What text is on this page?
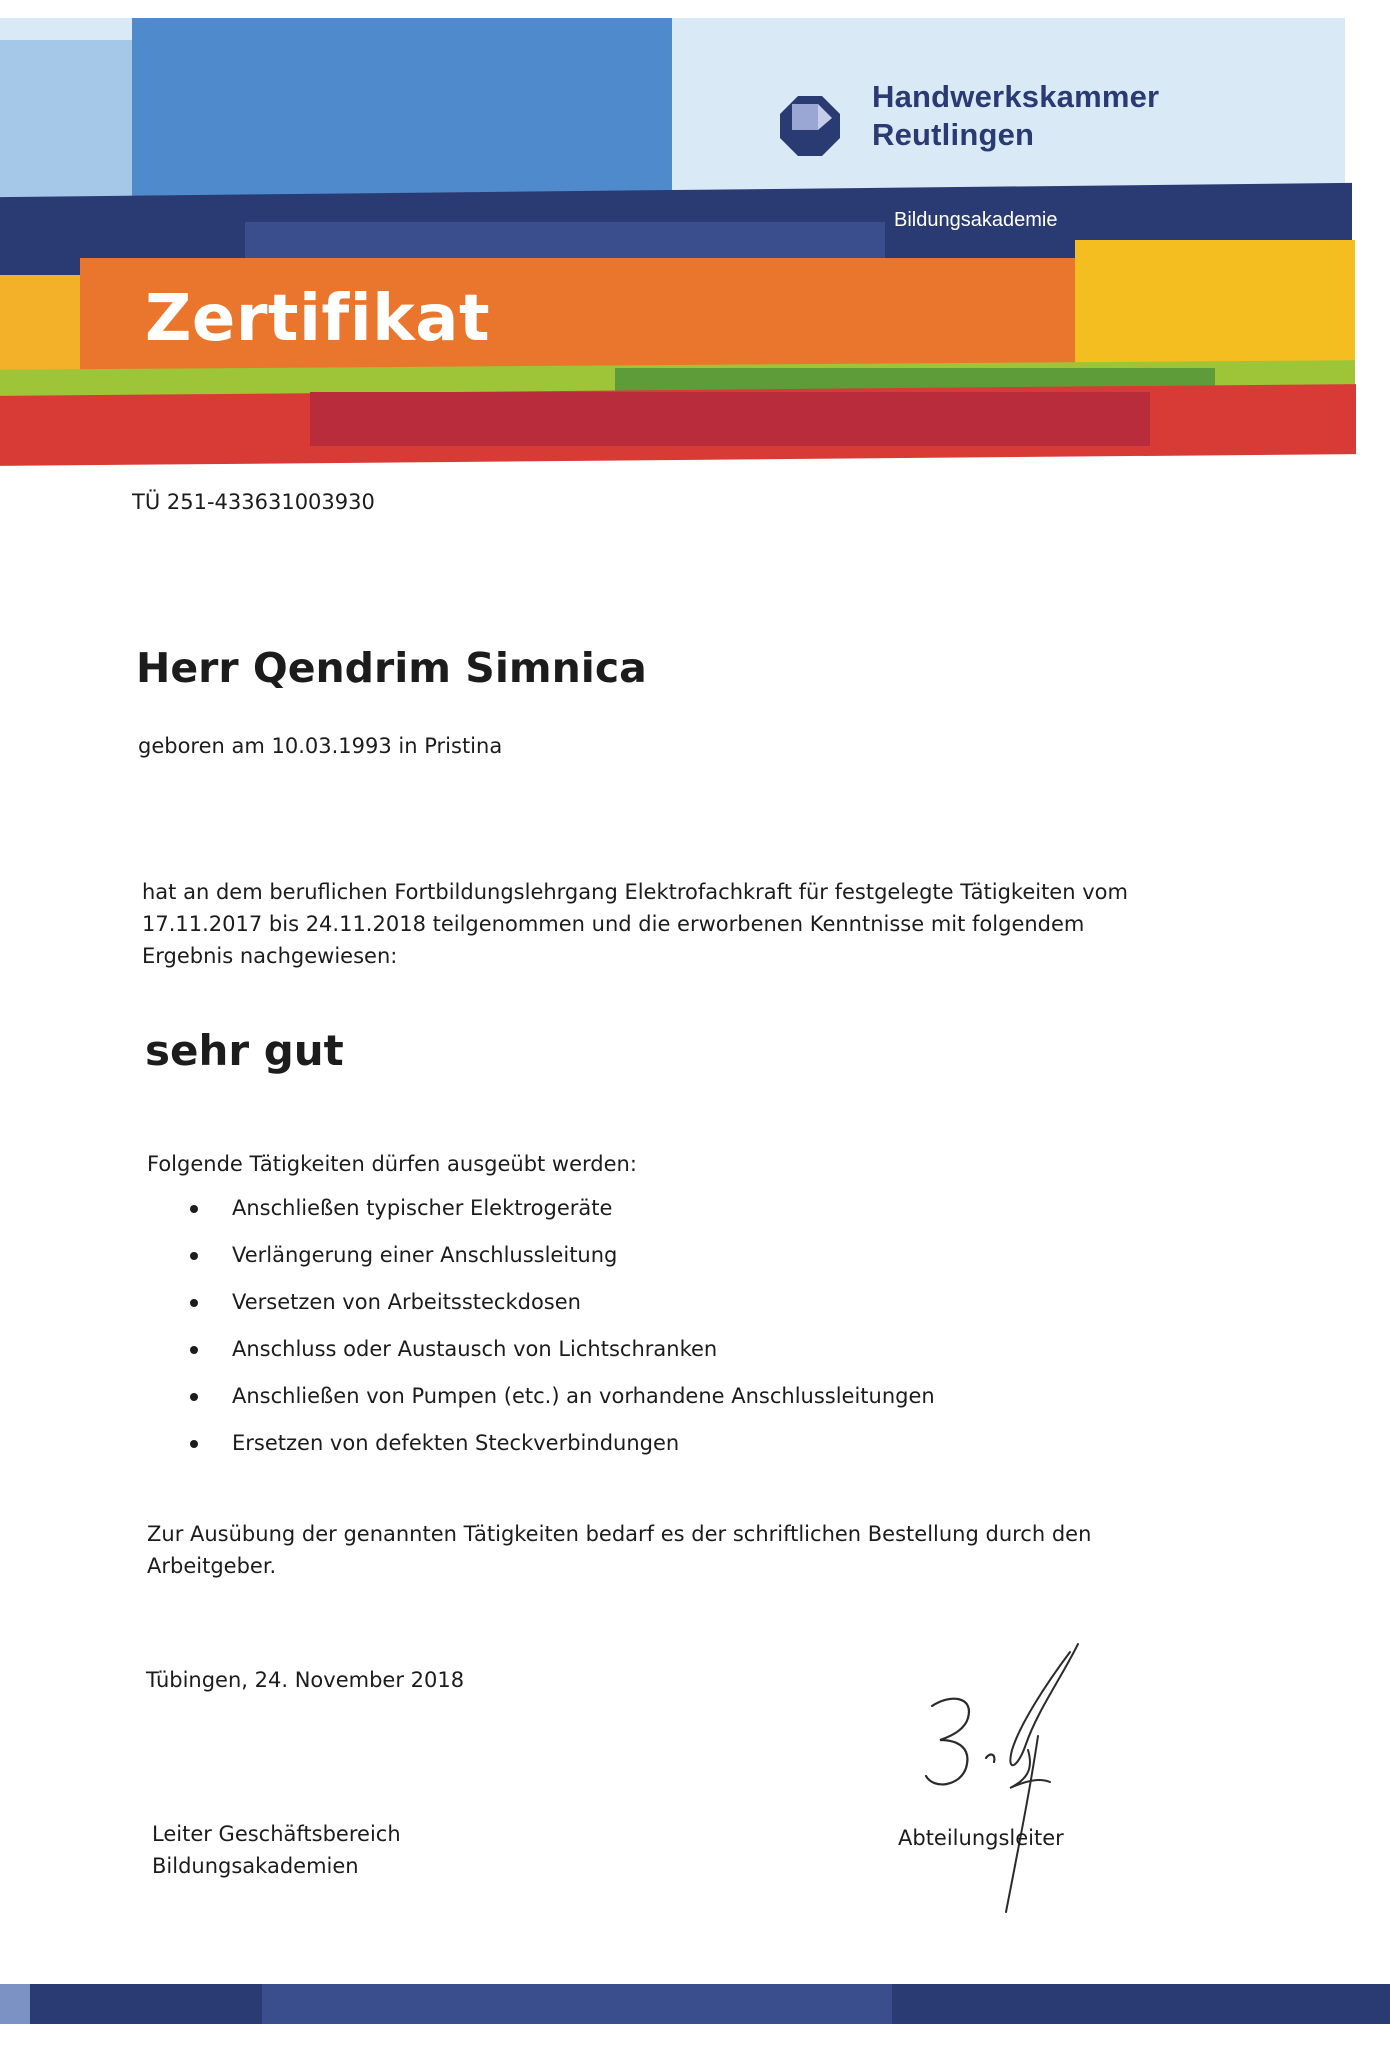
Handwerkskammer
Reutlingen
Bildungsakademie
Zertifikat
TÜ 251-433631003930
Herr Qendrim Simnica
geboren am 10.03.1993 in Pristina
hat an dem beruflichen Fortbildungslehrgang Elektrofachkraft für festgelegte Tätigkeiten vom 17.11.2017 bis 24.11.2018 teilgenommen und die erworbenen Kenntnisse mit folgendem Ergebnis nachgewiesen:
sehr gut
Folgende Tätigkeiten dürfen ausgeübt werden:
Anschließen typischer Elektrogeräte
Verlängerung einer Anschlussleitung
Versetzen von Arbeitssteckdosen
Anschluss oder Austausch von Lichtschranken
Anschließen von Pumpen (etc.) an vorhandene Anschlussleitungen
Ersetzen von defekten Steckverbindungen
Zur Ausübung der genannten Tätigkeiten bedarf es der schriftlichen Bestellung durch den Arbeitgeber.
Tübingen, 24. November 2018
Leiter Geschäftsbereich
Bildungsakademien
Abteilungsleiter
